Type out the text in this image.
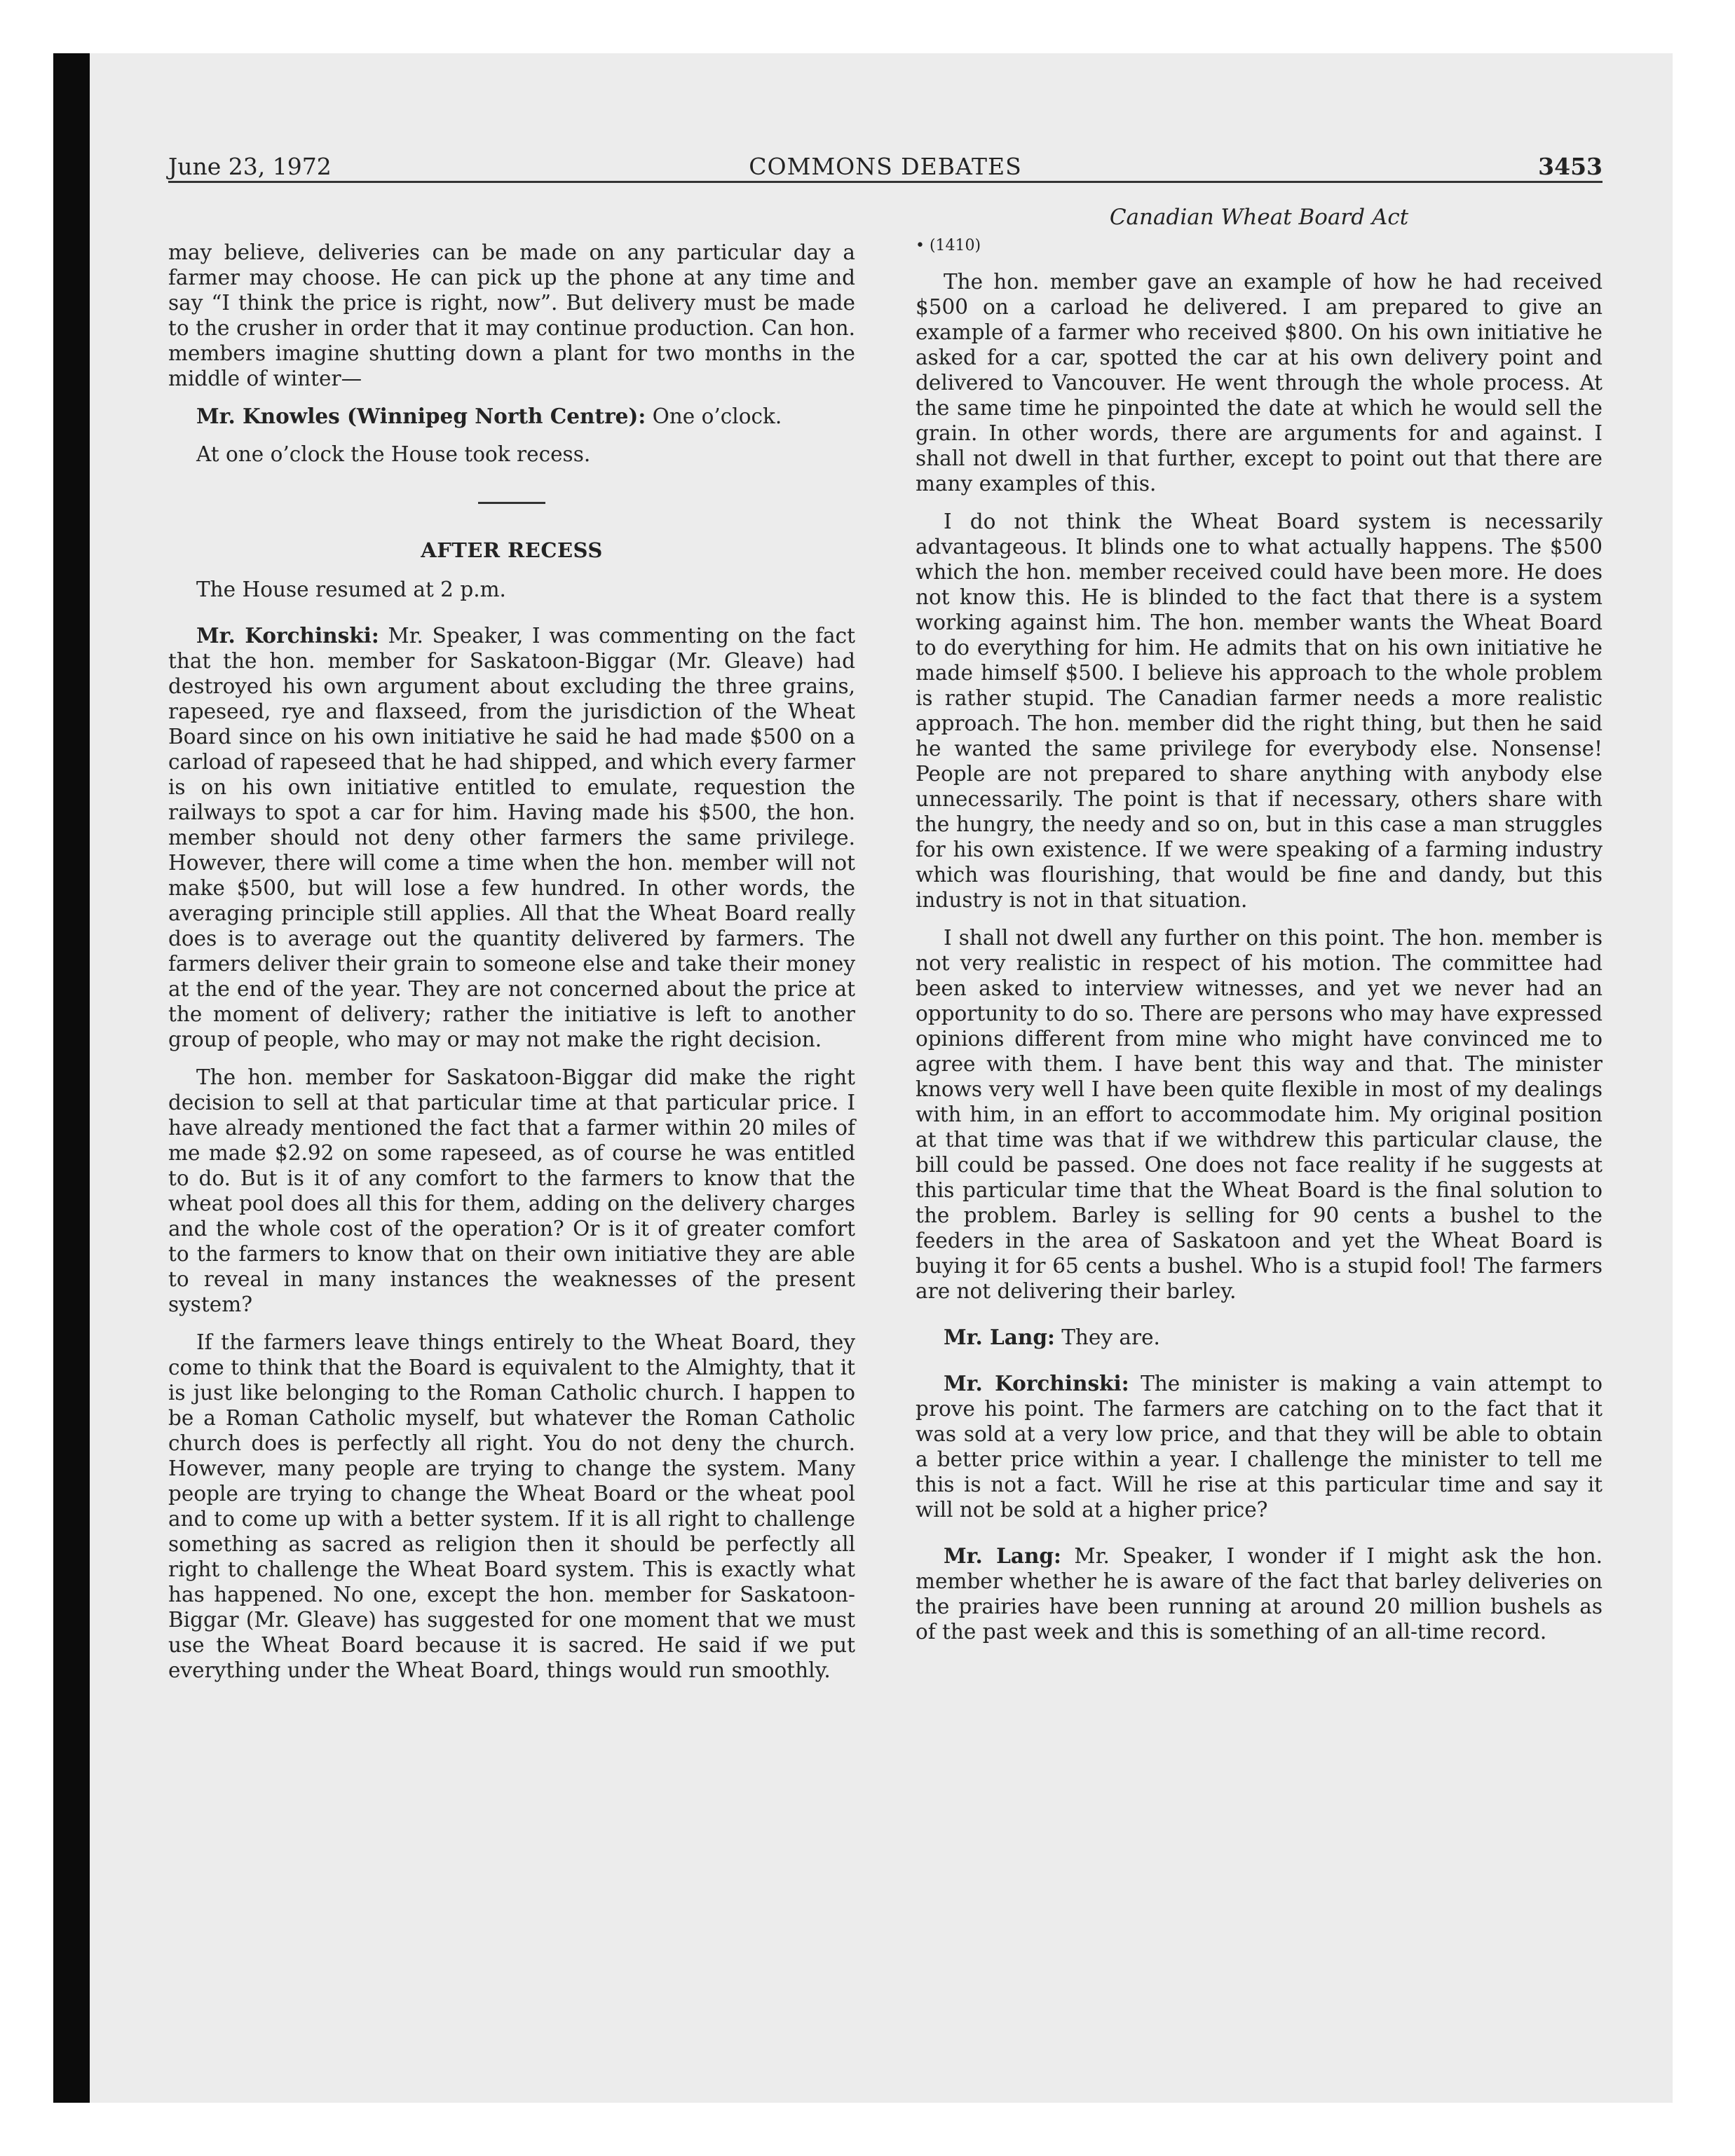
June 23, 1972	COMMONS DEBATES	3453

may believe, deliveries can be made on any particular day a farmer may choose. He can pick up the phone at any time and say “I think the price is right, now”. But delivery must be made to the crusher in order that it may continue production. Can hon. members imagine shutting down a plant for two months in the middle of winter—

Mr. Knowles (Winnipeg North Centre): One o’clock.

At one o’clock the House took recess.

AFTER RECESS

The House resumed at 2 p.m.

Mr. Korchinski: Mr. Speaker, I was commenting on the fact that the hon. member for Saskatoon-Biggar (Mr. Gleave) had destroyed his own argument about excluding the three grains, rapeseed, rye and flaxseed, from the jurisdiction of the Wheat Board since on his own initiative he said he had made $500 on a carload of rapeseed that he had shipped, and which every farmer is on his own initiative entitled to emulate, requestion the railways to spot a car for him. Having made his $500, the hon. member should not deny other farmers the same privilege. However, there will come a time when the hon. member will not make $500, but will lose a few hundred. In other words, the averaging principle still applies. All that the Wheat Board really does is to average out the quantity delivered by farmers. The farmers deliver their grain to someone else and take their money at the end of the year. They are not concerned about the price at the moment of delivery; rather the initiative is left to another group of people, who may or may not make the right decision.

The hon. member for Saskatoon-Biggar did make the right decision to sell at that particular time at that particular price. I have already mentioned the fact that a farmer within 20 miles of me made $2.92 on some rapeseed, as of course he was entitled to do. But is it of any comfort to the farmers to know that the wheat pool does all this for them, adding on the delivery charges and the whole cost of the operation? Or is it of greater comfort to the farmers to know that on their own initiative they are able to reveal in many instances the weaknesses of the present system?

If the farmers leave things entirely to the Wheat Board, they come to think that the Board is equivalent to the Almighty, that it is just like belonging to the Roman Catholic church. I happen to be a Roman Catholic myself, but whatever the Roman Catholic church does is perfectly all right. You do not deny the church. However, many people are trying to change the system. Many people are trying to change the Wheat Board or the wheat pool and to come up with a better system. If it is all right to challenge something as sacred as religion then it should be perfectly all right to challenge the Wheat Board system. This is exactly what has happened. No one, except the hon. member for Saskatoon-Biggar (Mr. Gleave) has suggested for one moment that we must use the Wheat Board because it is sacred. He said if we put everything under the Wheat Board, things would run smoothly.

Canadian Wheat Board Act
• (1410)

The hon. member gave an example of how he had received $500 on a carload he delivered. I am prepared to give an example of a farmer who received $800. On his own initiative he asked for a car, spotted the car at his own delivery point and delivered to Vancouver. He went through the whole process. At the same time he pinpointed the date at which he would sell the grain. In other words, there are arguments for and against. I shall not dwell in that further, except to point out that there are many examples of this.

I do not think the Wheat Board system is necessarily advantageous. It blinds one to what actually happens. The $500 which the hon. member received could have been more. He does not know this. He is blinded to the fact that there is a system working against him. The hon. member wants the Wheat Board to do everything for him. He admits that on his own initiative he made himself $500. I believe his approach to the whole problem is rather stupid. The Canadian farmer needs a more realistic approach. The hon. member did the right thing, but then he said he wanted the same privilege for everybody else. Nonsense! People are not prepared to share anything with anybody else unnecessarily. The point is that if necessary, others share with the hungry, the needy and so on, but in this case a man struggles for his own existence. If we were speaking of a farming industry which was flourishing, that would be fine and dandy, but this industry is not in that situation.

I shall not dwell any further on this point. The hon. member is not very realistic in respect of his motion. The committee had been asked to interview witnesses, and yet we never had an opportunity to do so. There are persons who may have expressed opinions different from mine who might have convinced me to agree with them. I have bent this way and that. The minister knows very well I have been quite flexible in most of my dealings with him, in an effort to accommodate him. My original position at that time was that if we withdrew this particular clause, the bill could be passed. One does not face reality if he suggests at this particular time that the Wheat Board is the final solution to the problem. Barley is selling for 90 cents a bushel to the feeders in the area of Saskatoon and yet the Wheat Board is buying it for 65 cents a bushel. Who is a stupid fool! The farmers are not delivering their barley.

Mr. Lang: They are.

Mr. Korchinski: The minister is making a vain attempt to prove his point. The farmers are catching on to the fact that it was sold at a very low price, and that they will be able to obtain a better price within a year. I challenge the minister to tell me this is not a fact. Will he rise at this particular time and say it will not be sold at a higher price?

Mr. Lang: Mr. Speaker, I wonder if I might ask the hon. member whether he is aware of the fact that barley deliveries on the prairies have been running at around 20 million bushels as of the past week and this is something of an all-time record.
